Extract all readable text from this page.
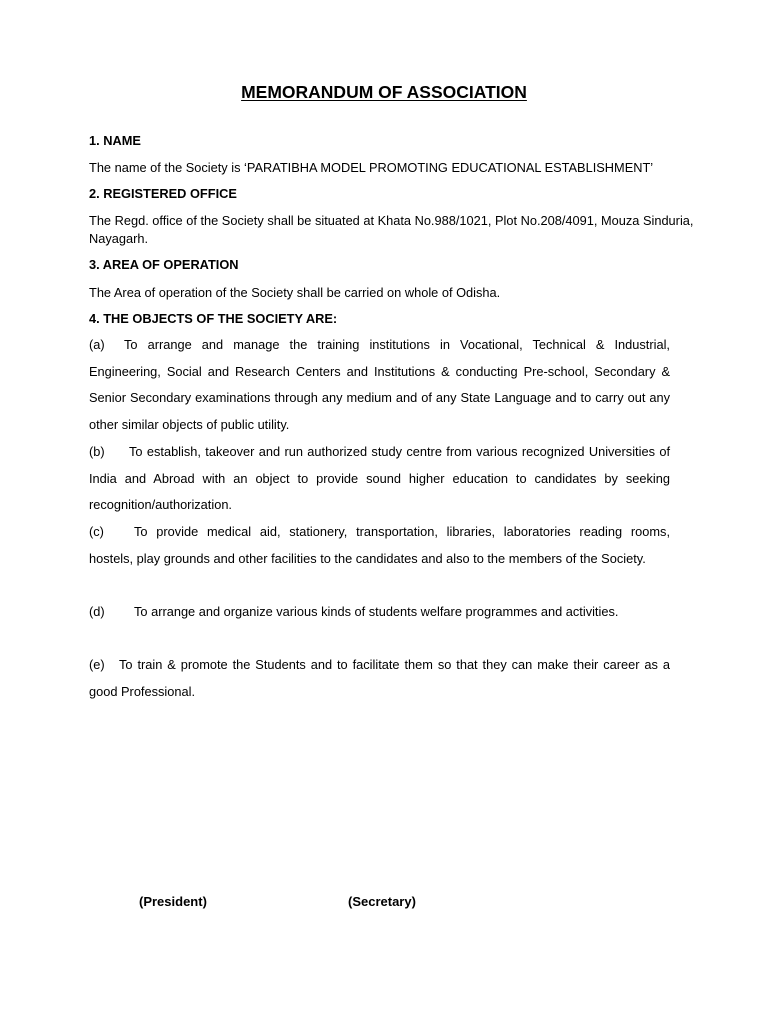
MEMORANDUM OF ASSOCIATION
1. NAME
The name of the Society is ‘PARATIBHA MODEL PROMOTING EDUCATIONAL ESTABLISHMENT’
2. REGISTERED OFFICE
The Regd. office of the Society shall be situated at Khata No.988/1021, Plot No.208/4091, Mouza Sinduria,
Nayagarh.
3. AREA OF OPERATION
The Area of operation of the Society shall be carried on whole of Odisha.
4. THE OBJECTS OF THE SOCIETY ARE:
(a) To arrange and manage the training institutions in Vocational, Technical & Industrial, Engineering, Social and Research Centers and Institutions & conducting Pre-school, Secondary & Senior Secondary examinations through any medium and of any State Language and to carry out any other similar objects of public utility.
(b) To establish, takeover and run authorized study centre from various recognized Universities of India and Abroad with an object to provide sound higher education to candidates by seeking recognition/authorization.
(c) To provide medical aid, stationery, transportation, libraries, laboratories reading rooms, hostels, play grounds and other facilities to the candidates and also to the members of the Society.
(d) To arrange and organize various kinds of students welfare programmes and activities.
(e) To train & promote the Students and to facilitate them so that they can make their career as a good Professional.
(President)	(Secretary)
